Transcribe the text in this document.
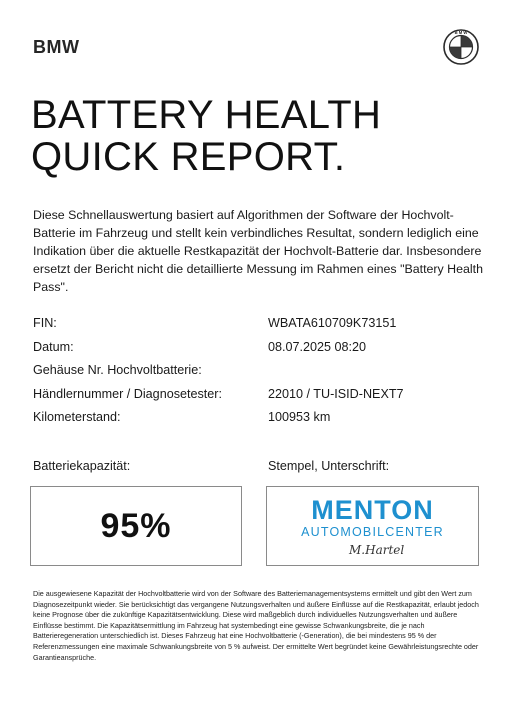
BMW
B M W
BATTERY HEALTH
QUICK REPORT.

Diese Schnellauswertung basiert auf Algorithmen der Software der Hochvolt-Batterie im Fahrzeug und stellt kein verbindliches Resultat, sondern lediglich eine Indikation über die aktuelle Restkapazität der Hochvolt-Batterie dar. Insbesondere ersetzt der Bericht nicht die detaillierte Messung im Rahmen eines "Battery Health Pass".

FIN:	WBATA610709K73151
Datum:	08.07.2025 08:20
Gehäuse Nr. Hochvoltbatterie:
Händlernummer / Diagnosetester:	22010 / TU-ISID-NEXT7
Kilometerstand:	100953 km
Batteriekapazität:	Stempel, Unterschrift:
95%	MENTON
AUTOMOBILCENTER
M.Hartel

Die ausgewiesene Kapazität der Hochvoltbatterie wird von der Software des Batteriemanagementsystems ermittelt und gibt den Wert zum Diagnosezeitpunkt wieder. Sie berücksichtigt das vergangene Nutzungsverhalten und äußere Einflüsse auf die Restkapazität, erlaubt jedoch keine Prognose über die zukünftige Kapazitätsentwicklung. Diese wird maßgeblich durch individuelles Nutzungsverhalten und äußere Einflüsse bestimmt. Die Kapazitätsermittlung im Fahrzeug hat systembedingt eine gewisse Schwankungsbreite, die je nach Batterieregeneration unterschiedlich ist. Dieses Fahrzeug hat eine Hochvoltbatterie (-Generation), die bei mindestens 95 % der Referenzmessungen eine maximale Schwankungsbreite von 5 % aufweist. Der ermittelte Wert begründet keine Gewährleistungsrechte oder Garantieansprüche.
